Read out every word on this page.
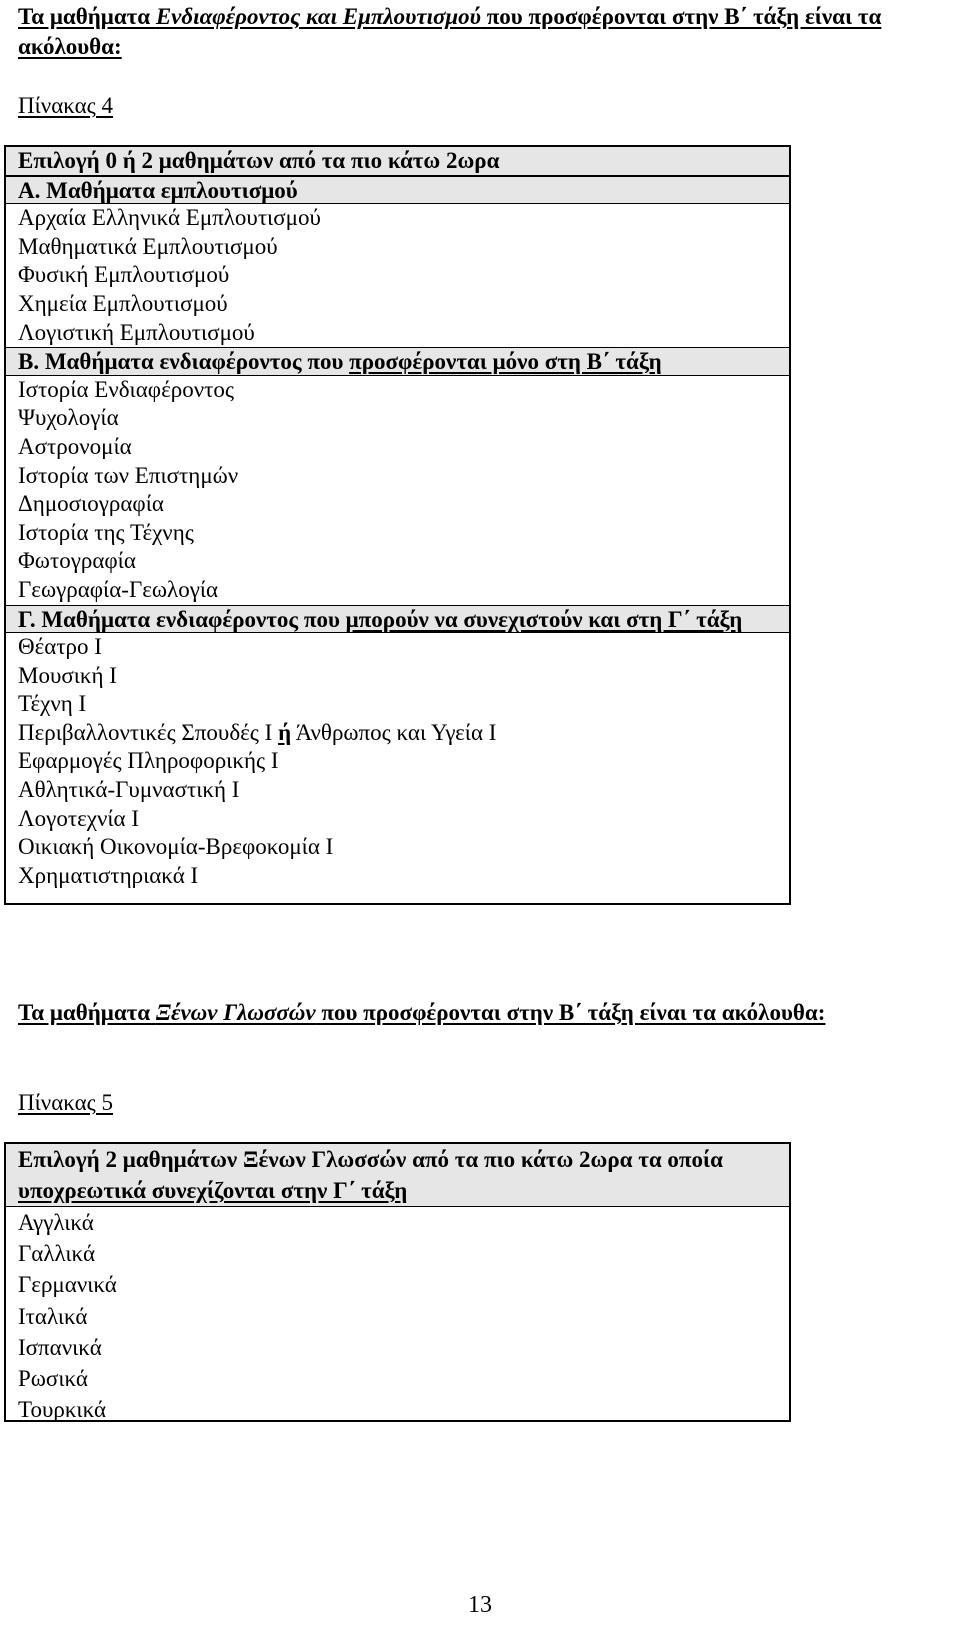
Τα μαθήματα Ενδιαφέροντος και Εμπλουτισμού που προσφέρονται στην Β΄ τάξη είναι τα ακόλουθα:
Πίνακας 4
Επιλογή 0 ή 2 μαθημάτων από τα πιο κάτω 2ωρα
Α. Μαθήματα εμπλουτισμού
Αρχαία Ελληνικά Εμπλουτισμού
Μαθηματικά Εμπλουτισμού
Φυσική Εμπλουτισμού
Χημεία Εμπλουτισμού
Λογιστική Εμπλουτισμού
Β. Μαθήματα ενδιαφέροντος που προσφέρονται μόνο στη Β΄ τάξη
Ιστορία Ενδιαφέροντος
Ψυχολογία
Αστρονομία
Ιστορία των Επιστημών
Δημοσιογραφία
Ιστορία της Τέχνης
Φωτογραφία
Γεωγραφία-Γεωλογία
Γ. Μαθήματα ενδιαφέροντος που μπορούν να συνεχιστούν και στη Γ΄ τάξη
Θέατρο Ι
Μουσική Ι
Τέχνη Ι
Περιβαλλοντικές Σπουδές Ι ή Άνθρωπος και Υγεία Ι
Εφαρμογές Πληροφορικής Ι
Αθλητικά-Γυμναστική Ι
Λογοτεχνία Ι
Οικιακή Οικονομία-Βρεφοκομία Ι
Χρηματιστηριακά Ι
Τα μαθήματα Ξένων Γλωσσών που προσφέρονται στην Β΄ τάξη είναι τα ακόλουθα:
Πίνακας 5
Επιλογή 2 μαθημάτων Ξένων Γλωσσών από τα πιο κάτω 2ωρα τα οποία υποχρεωτικά συνεχίζονται στην Γ΄ τάξη
Αγγλικά
Γαλλικά
Γερμανικά
Ιταλικά
Ισπανικά
Ρωσικά
Τουρκικά
13
